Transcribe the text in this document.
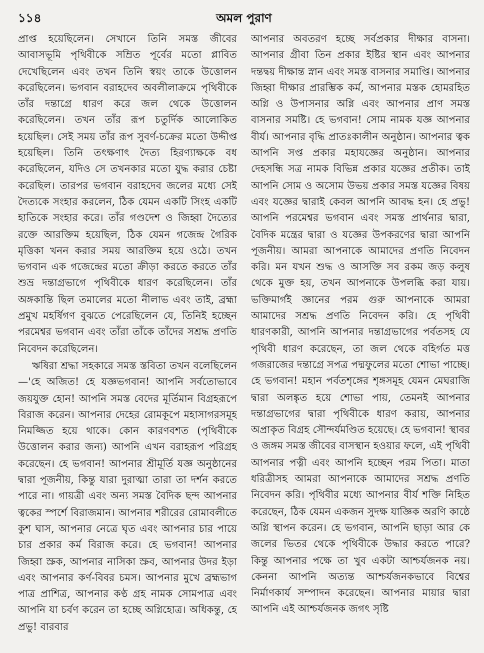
১১৪	অমল পুরাণ

প্রাপ্ত হয়েছিলেন। সেখানে তিনি সমস্ত জীবের আবাসভূমি পৃথিবীকে সম্রিত পূর্বের মতো প্লাবিত দেখেছিলেন এবং তখন তিনি স্বয়ং তাকে উত্তোলন করেছিলেন। ভগবান বরাহদেব অবলীলাক্রমে পৃথিবীকে তাঁর দন্তাগ্রে ধারণ করে জল থেকে উত্তোলন করেছিলেন। তখন তাঁর রূপ চতুর্দিক আলোকিত হয়েছিল। সেই সময় তাঁর রূপ সুবর্ণ-চক্রের মতো উদ্দীপ্ত হয়েছিল। তিনি তৎক্ষণাৎ দৈত্য হিরণ্যাক্ষকে বধ করেছিলেন, যদিও সে তখনকার মতো যুদ্ধ করার চেষ্টা করেছিল। তারপর ভগবান বরাহদেব জলের মধ্যে সেই দৈত্যকে সংহার করলেন, ঠিক যেমন একটি সিংহ একটি হাতিকে সংহার করে। তাঁর গণ্ডদেশ ও জিহ্বা দৈত্যের রক্তে আরক্তিম হয়েছিল, ঠিক যেমন গজেন্দ্র গৈরিক মৃত্তিকা খনন করার সময় আরক্তিম হয়ে ওঠে। তখন ভগবান এক গজেন্দ্রের মতো ক্রীড়া করতে করতে তাঁর শুভ্র দন্তাগ্রভাগে পৃথিবীকে ধারণ করেছিলেন। তাঁর অঙ্গকান্তি ছিল তমালের মতো নীলাভ এবং তাই, ব্রহ্মা প্রমুখ মহর্ষিগণ বুঝতে পেরেছিলেন যে, তিনিই হচ্ছেন পরমেশ্বর ভগবান এবং তাঁরা তাঁকে তাঁদের সশ্রদ্ধ প্রণতি নিবেদন করেছিলেন।

ঋষিরা শ্রদ্ধা সহকারে সমস্ত স্তবিতা তখন বলেছিলেন—'হে অজিত! হে যজ্ঞভগবান! আপনি সর্বতোভাবে জয়যুক্ত হোন! আপনি সমস্ত বেদের মূর্তিমান বিগ্রহরূপে বিরাজ করেন। আপনার দেহের রোমকূপে মহাসাগরসমূহ নিমজ্জিত হয়ে থাকে। কোন কারণবশত (পৃথিবীকে উত্তোলন করার জন্য) আপনি এখন বরাহরূপ পরিগ্রহ করেছেন। হে ভগবান! আপনার শ্রীমূর্তি যজ্ঞ অনুষ্ঠানের দ্বারা পূজনীয়, কিন্তু যারা দুরাত্মা তারা তা দর্শন করতে পারে না। গায়ত্রী এবং অন্য সমস্ত বৈদিক ছন্দ আপনার ত্বকের স্পর্শে বিরাজমান। আপনার শরীরের রোমাবলীতে কুশ ঘাস, আপনার নেত্রে ঘৃত এবং আপনার চার পায়ে চার প্রকার কর্ম বিরাজ করে। হে ভগবান! আপনার জিহ্বা স্রুক, আপনার নাসিকা স্রুব, আপনার উদর ইড়া এবং আপনার কর্ণ-বিবর চমস। আপনার মুখে ব্রহ্মভাগ পাত্র প্রাশিত্র, আপনার কণ্ঠ গ্রহ নামক সোমপাত্র এবং আপনি যা চর্বণ করেন তা হচ্ছে অগ্নিহোত্র। অধিকন্তু, হে প্রভু! বারবার

আপনার অবতরণ হচ্ছে সর্বপ্রকার দীক্ষার বাসনা। আপনার গ্রীবা তিন প্রকার ইষ্টির স্থান এবং আপনার দন্তদ্বয় দীক্ষান্ত স্নান এবং সমস্ত বাসনার সমাপ্তি। আপনার জিহ্বা দীক্ষার প্রারম্ভিক কর্ম, আপনার মস্তক হোমরহিত অগ্নি ও উপাসনার অগ্নি এবং আপনার প্রাণ সমস্ত বাসনার সমষ্টি। হে ভগবান! সোম নামক যজ্ঞ আপনার বীর্য। আপনার বৃদ্ধি প্রাতঃকালীন অনুষ্ঠান। আপনার ত্বক আপনি সপ্ত প্রকার মহাযজ্ঞের অনুষ্ঠান। আপনার দেহসন্ধি সত্র নামক বিভিন্ন প্রকার যজ্ঞের প্রতীক। তাই আপনি সোম ও অসোম উভয় প্রকার সমস্ত যজ্ঞের বিষয় এবং যজ্ঞের দ্বারাই কেবল আপনি আবদ্ধ হন। হে প্রভু! আপনি পরমেশ্বর ভগবান এবং সমস্ত প্রার্থনার দ্বারা, বৈদিক মন্ত্রের দ্বারা ও যজ্ঞের উপকরণের দ্বারা আপনি পূজনীয়। আমরা আপনাকে আমাদের প্রণতি নিবেদন করি। মন যখন শুদ্ধ ও আসক্তি সব রকম জড় কলুষ থেকে মুক্ত হয়, তখন আপনাকে উপলব্ধি করা যায়। ভক্তিমার্গই জ্ঞানের পরম গুরু আপনাকে আমরা আমাদের সশ্রদ্ধ প্রণতি নিবেদন করি। হে পৃথিবী ধারণকারী, আপনি আপনার দন্তাগ্রভাগের পর্বতসহ যে পৃথিবী ধারণ করেছেন, তা জল থেকে বহির্গত মত্ত গজরাজের দন্তাগ্রে সপত্র পদ্মফুলের মতো শোভা পাচ্ছে। হে ভগবান! মহান পর্বতশৃঙ্গের শৃঙ্গসমূহ যেমন মেঘরাজি দ্বারা অলঙ্কৃত হয়ে শোভা পায়, তেমনই আপনার দন্তাগ্রভাগের দ্বারা পৃথিবীকে ধারণ করায়, আপনার অপ্রাকৃত বিগ্রহ সৌন্দর্যমণ্ডিত হয়েছে। হে ভগবান! স্থাবর ও জঙ্গম সমস্ত জীবের বাসস্থান হওয়ার ফলে, এই পৃথিবী আপনার পত্নী এবং আপনি হচ্ছেন পরম পিতা। মাতা ধরিত্রীসহ আমরা আপনাকে আমাদের সশ্রদ্ধ প্রণতি নিবেদন করি। পৃথিবীর মধ্যে আপনার বীর্য শক্তি নিহিত করেছেন, ঠিক যেমন একজন সুদক্ষ যাজ্ঞিক অরণি কাষ্ঠে অগ্নি স্থাপন করেন। হে ভগবান, আপনি ছাড়া আর কে জলের ভিতর থেকে পৃথিবীকে উদ্ধার করতে পারে? কিন্তু আপনার পক্ষে তা খুব একটা আশ্চর্যজনক নয়। কেননা আপনি অত্যন্ত আশ্চর্যজনকভাবে বিশ্বের নির্মাণকার্য সম্পাদন করেছেন। আপনার মায়ার দ্বারা আপনি এই আশ্চর্যজনক জগৎ সৃষ্টি
